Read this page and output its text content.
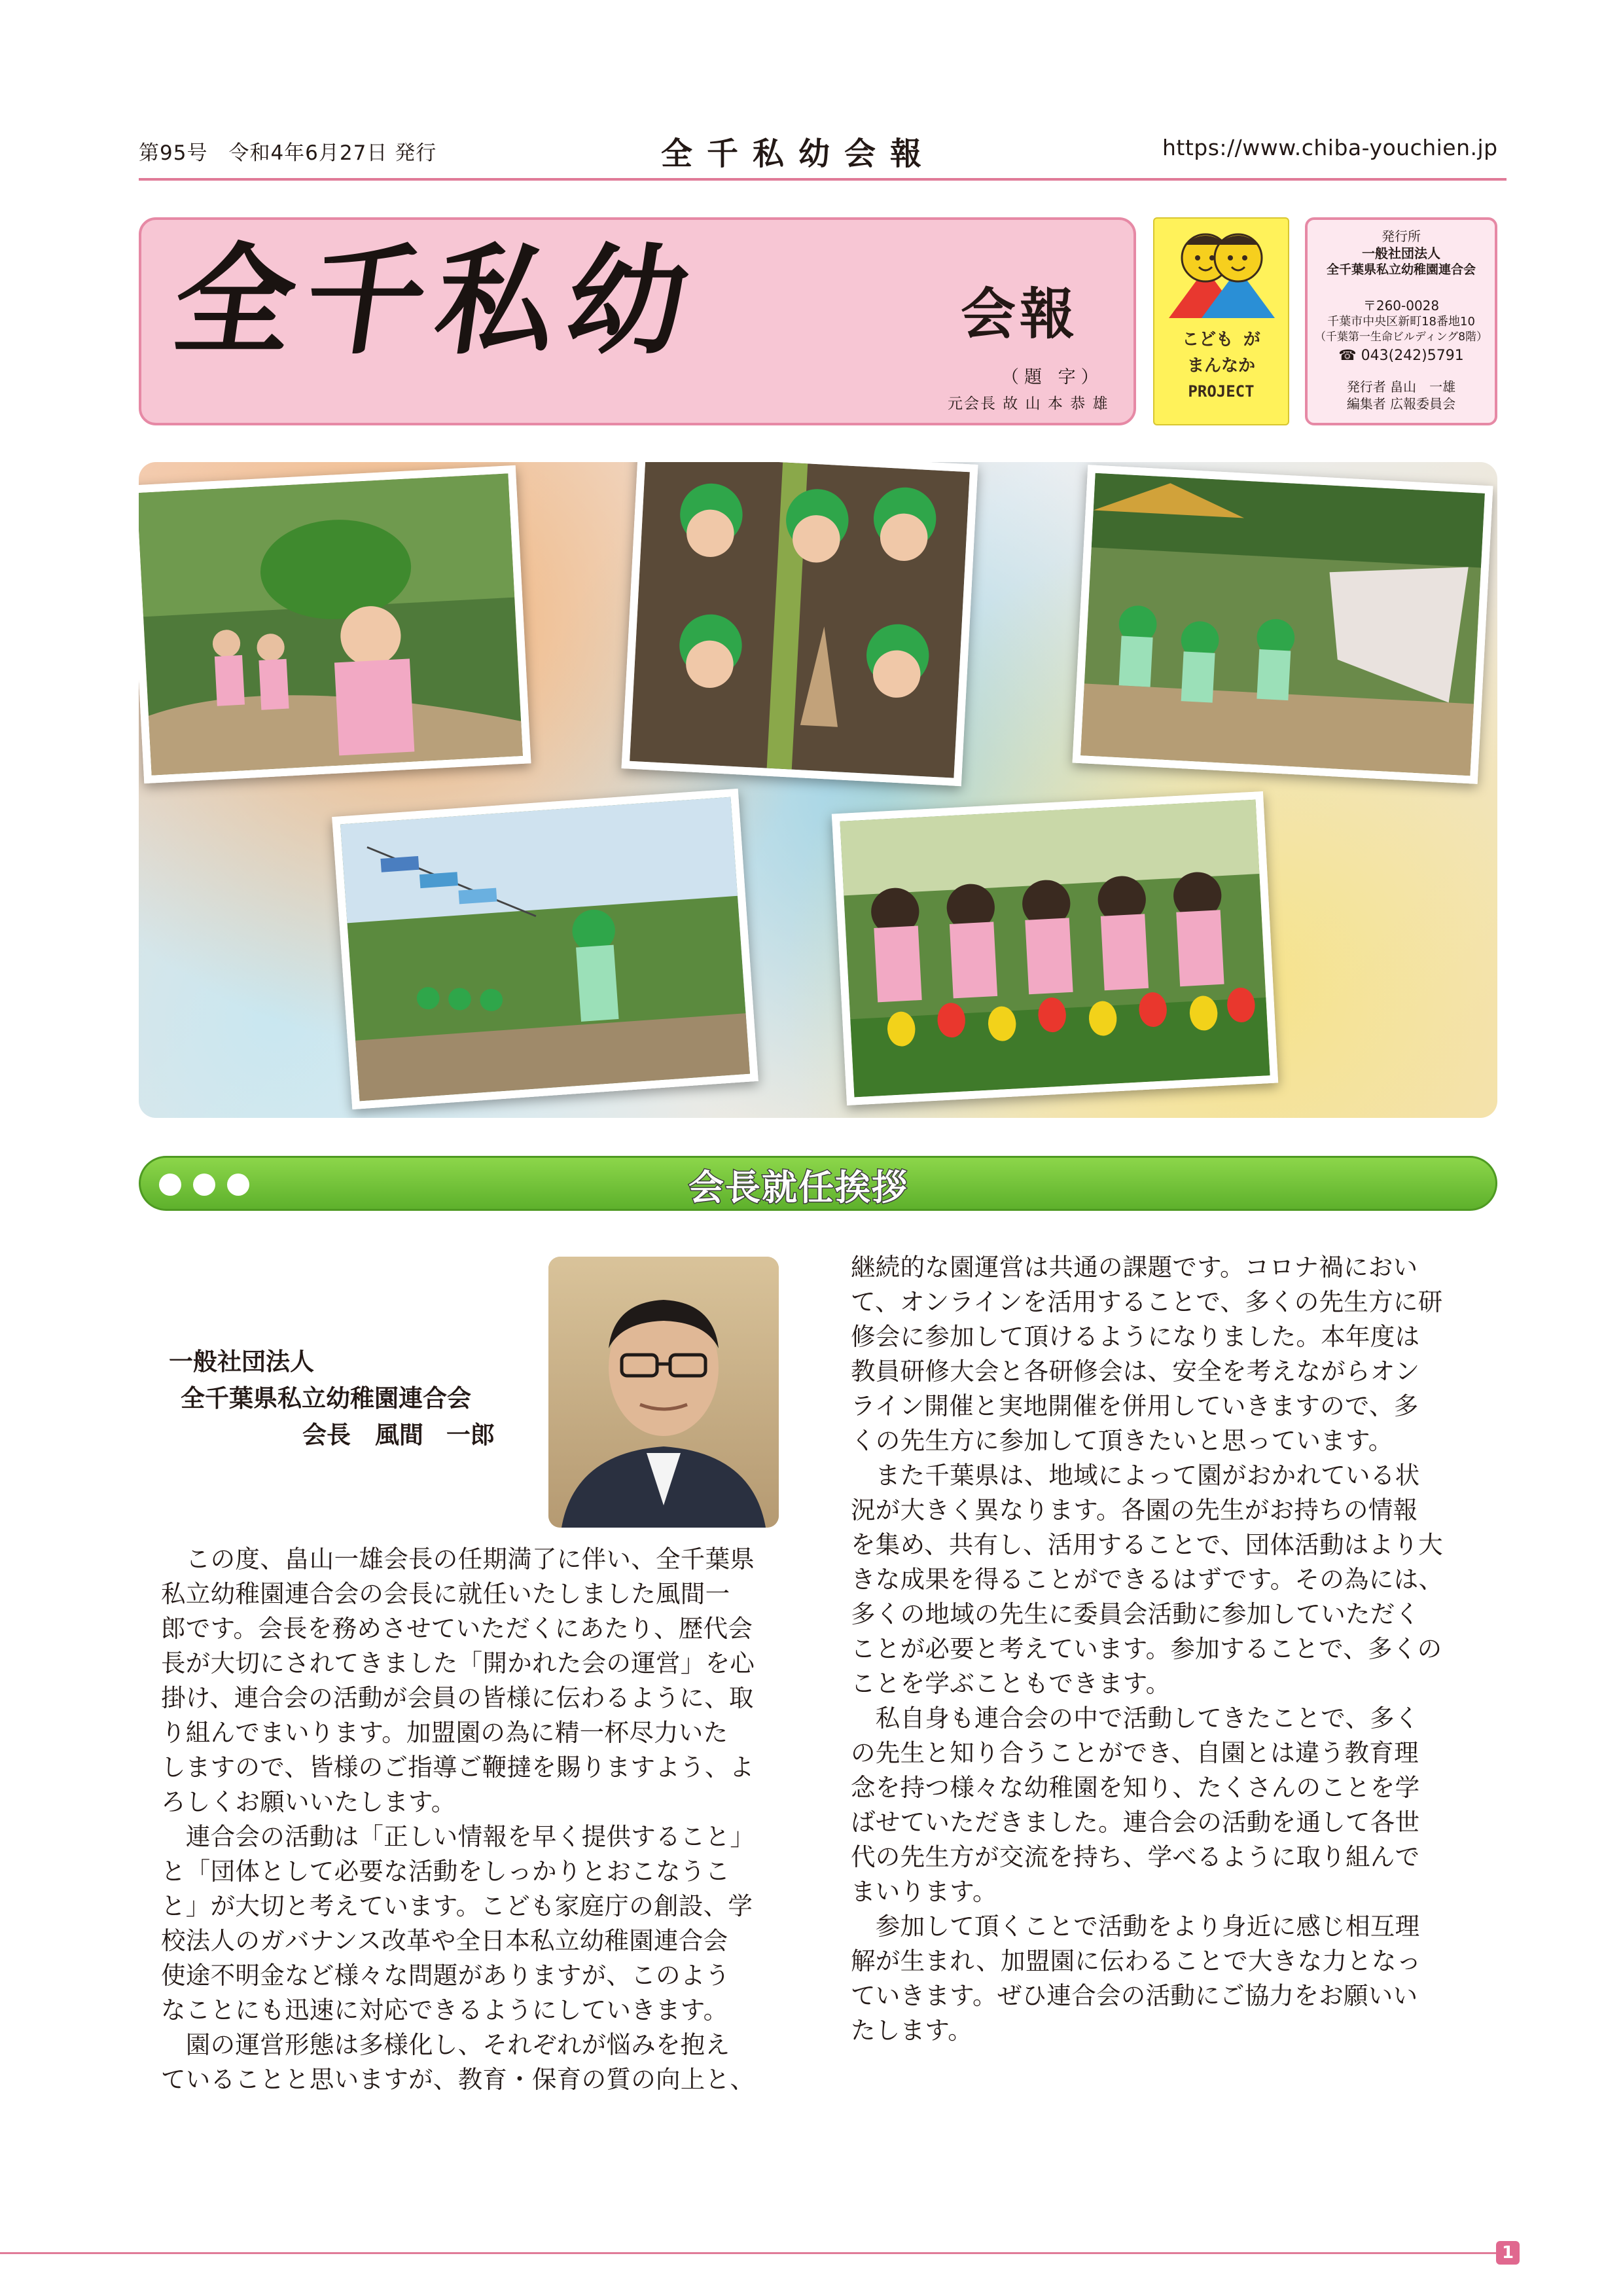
第95号　令和4年6月27日 発行	全千私幼会報	https://www.chiba-youchien.jp
全千私幼	会報
（題 字）
元会長 故 山 本 恭 雄
こども が
まんなか
PROJECT
発行所
一般社団法人
全千葉県私立幼稚園連合会
〒260-0028
千葉市中央区新町18番地10
（千葉第一生命ビルディング8階）
☎ 043(242)5791
発行者 畠山　一雄
編集者 広報委員会
会長就任挨拶
一般社団法人
全千葉県私立幼稚園連合会
会長　風間 一郎

　この度、畠山一雄会長の任期満了に伴い、全千葉県

私立幼稚園連合会の会長に就任いたしました風間一

郎です。会長を務めさせていただくにあたり、歴代会

長が大切にされてきました「開かれた会の運営」を心

掛け、連合会の活動が会員の皆様に伝わるように、取

り組んでまいります。加盟園の為に精一杯尽力いた

しますので、皆様のご指導ご鞭撻を賜りますよう、よ

ろしくお願いいたします。

　連合会の活動は「正しい情報を早く提供すること」

と「団体として必要な活動をしっかりとおこなうこ

と」が大切と考えています。こども家庭庁の創設、学

校法人のガバナンス改革や全日本私立幼稚園連合会

使途不明金など様々な問題がありますが、このよう

なことにも迅速に対応できるようにしていきます。

　園の運営形態は多様化し、それぞれが悩みを抱え

ていることと思いますが、教育・保育の質の向上と、

継続的な園運営は共通の課題です。コロナ禍におい

て、オンラインを活用することで、多くの先生方に研

修会に参加して頂けるようになりました。本年度は

教員研修大会と各研修会は、安全を考えながらオン

ライン開催と実地開催を併用していきますので、多

くの先生方に参加して頂きたいと思っています。

　また千葉県は、地域によって園がおかれている状

況が大きく異なります。各園の先生がお持ちの情報

を集め、共有し、活用することで、団体活動はより大

きな成果を得ることができるはずです。その為には、

多くの地域の先生に委員会活動に参加していただく

ことが必要と考えています。参加することで、多くの

ことを学ぶこともできます。

　私自身も連合会の中で活動してきたことで、多く

の先生と知り合うことができ、自園とは違う教育理

念を持つ様々な幼稚園を知り、たくさんのことを学

ばせていただきました。連合会の活動を通して各世

代の先生方が交流を持ち、学べるように取り組んで

まいります。

　参加して頂くことで活動をより身近に感じ相互理

解が生まれ、加盟園に伝わることで大きな力となっ

ていきます。ぜひ連合会の活動にご協力をお願いい

たします。

1
